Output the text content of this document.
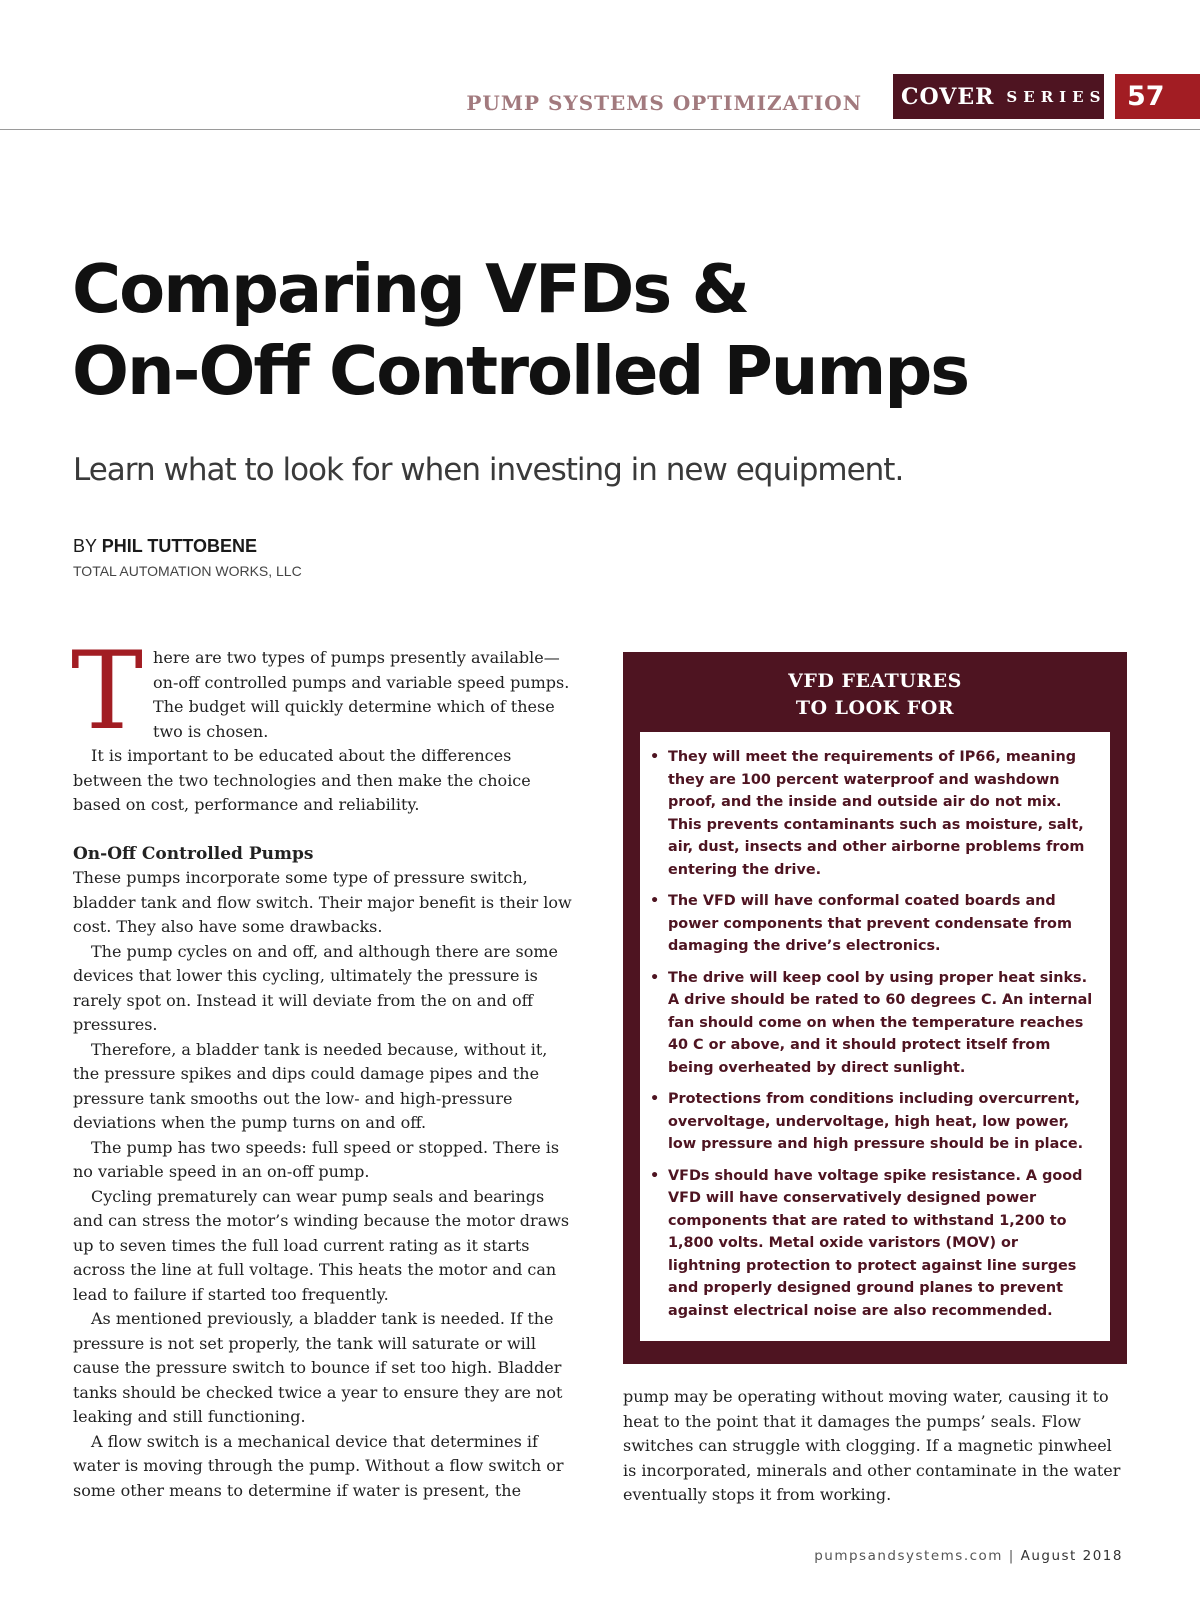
PUMP SYSTEMS OPTIMIZATION COVER SERIES 57
Comparing VFDs &
On-Off Controlled Pumps
Learn what to look for when investing in new equipment.
BY PHIL TUTTOBENE
TOTAL AUTOMATION WORKS, LLC

There are two types of pumps presently available—on-off controlled pumps and variable speed pumps. The budget will quickly determine which of these two is chosen.

It is important to be educated about the differences between the two technologies and then make the choice based on cost, performance and reliability.

On-Off Controlled Pumps

These pumps incorporate some type of pressure switch, bladder tank and flow switch. Their major benefit is their low cost. They also have some drawbacks.

The pump cycles on and off, and although there are some devices that lower this cycling, ultimately the pressure is rarely spot on. Instead it will deviate from the on and off pressures.

Therefore, a bladder tank is needed because, without it, the pressure spikes and dips could damage pipes and the pressure tank smooths out the low- and high-pressure deviations when the pump turns on and off.

The pump has two speeds: full speed or stopped. There is no variable speed in an on-off pump.

Cycling prematurely can wear pump seals and bearings and can stress the motor’s winding because the motor draws up to seven times the full load current rating as it starts across the line at full voltage. This heats the motor and can lead to failure if started too frequently.

As mentioned previously, a bladder tank is needed. If the pressure is not set properly, the tank will saturate or will cause the pressure switch to bounce if set too high. Bladder tanks should be checked twice a year to ensure they are not leaking and still functioning.

A flow switch is a mechanical device that determines if water is moving through the pump. Without a flow switch or some other means to determine if water is present, the

VFD FEATURES
TO LOOK FOR
• They will meet the requirements of IP66, meaning they are 100 percent waterproof and washdown proof, and the inside and outside air do not mix. This prevents contaminants such as moisture, salt, air, dust, insects and other airborne problems from entering the drive.
• The VFD will have conformal coated boards and power components that prevent condensate from damaging the drive’s electronics.
• The drive will keep cool by using proper heat sinks. A drive should be rated to 60 degrees C. An internal fan should come on when the temperature reaches 40 C or above, and it should protect itself from being overheated by direct sunlight.
• Protections from conditions including overcurrent, overvoltage, undervoltage, high heat, low power, low pressure and high pressure should be in place.
• VFDs should have voltage spike resistance. A good VFD will have conservatively designed power components that are rated to withstand 1,200 to 1,800 volts. Metal oxide varistors (MOV) or lightning protection to protect against line surges and properly designed ground planes to prevent against electrical noise are also recommended.

pump may be operating without moving water, causing it to heat to the point that it damages the pumps’ seals. Flow switches can struggle with clogging. If a magnetic pinwheel is incorporated, minerals and other contaminate in the water eventually stops it from working.

pumpsandsystems.com | August 2018
